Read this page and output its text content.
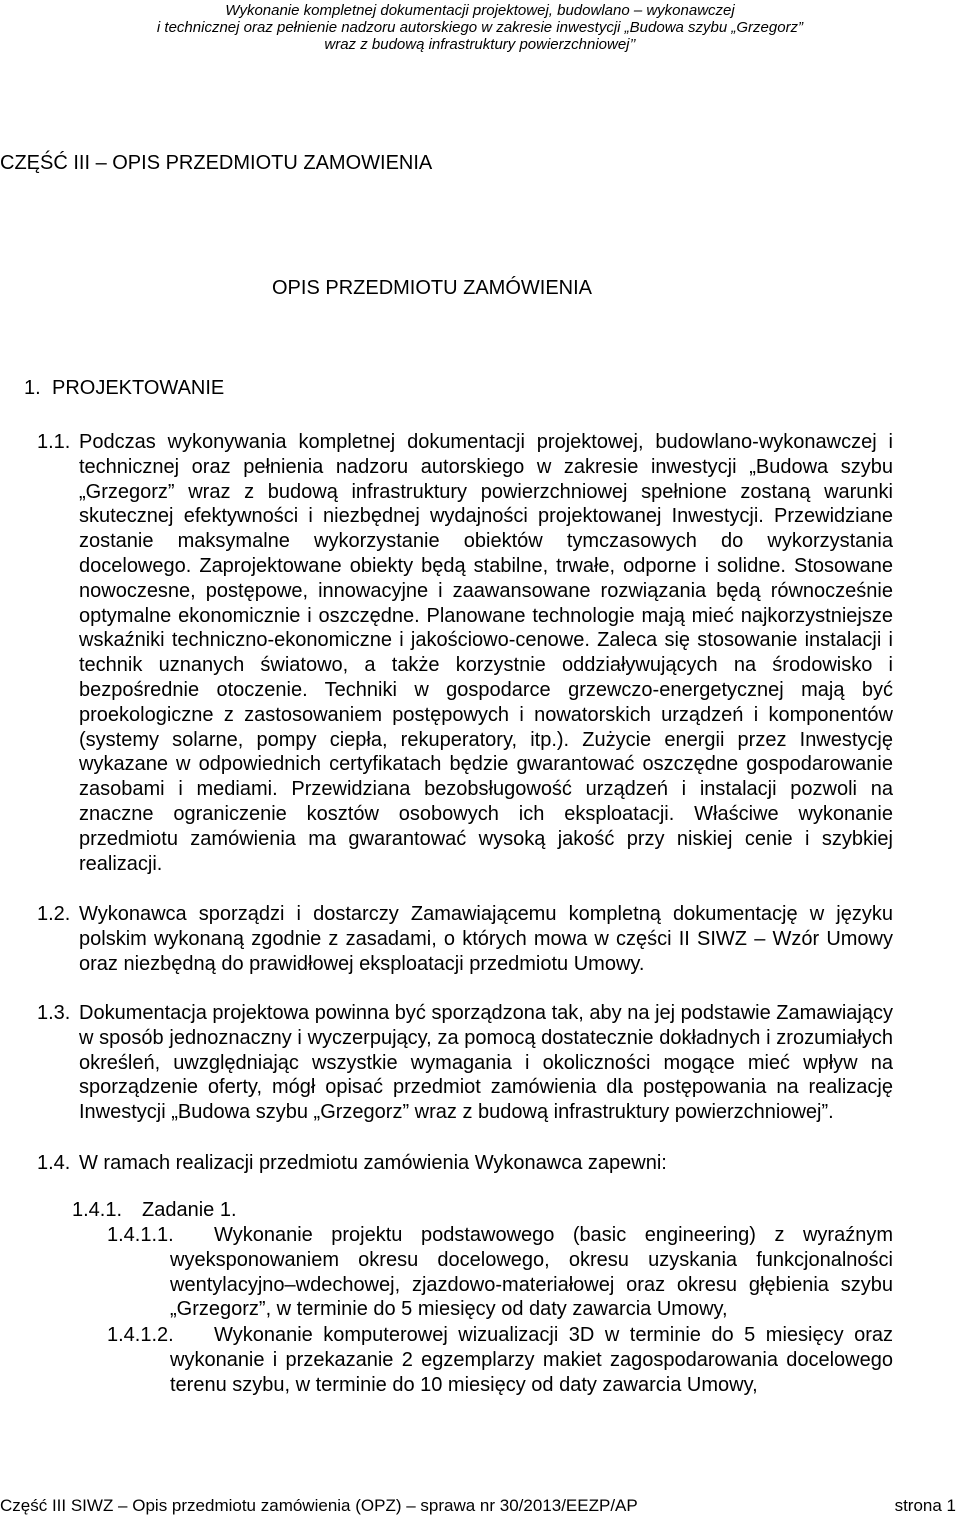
Wykonanie kompletnej dokumentacji projektowej, budowlano – wykonawczej
i technicznej oraz pełnienie nadzoru autorskiego w zakresie inwestycji „Budowa szybu „Grzegorz”
wraz z budową infrastruktury powierzchniowej’’
CZĘŚĆ III – OPIS PRZEDMIOTU ZAMOWIENIA
OPIS PRZEDMIOTU ZAMÓWIENIA
1. PROJEKTOWANIE
1.1. Podczas wykonywania kompletnej dokumentacji projektowej, budowlano-wykonawczej i technicznej oraz pełnienia nadzoru autorskiego w zakresie inwestycji „Budowa szybu „Grzegorz” wraz z budową infrastruktury powierzchniowej spełnione zostaną warunki skutecznej efektywności i niezbędnej wydajności projektowanej Inwestycji. Przewidziane zostanie maksymalne wykorzystanie obiektów tymczasowych do wykorzystania docelowego. Zaprojektowane obiekty będą stabilne, trwałe, odporne i solidne. Stosowane nowoczesne, postępowe, innowacyjne i zaawansowane rozwiązania będą równocześnie optymalne ekonomicznie i oszczędne. Planowane technologie mają mieć najkorzystniejsze wskaźniki techniczno-ekonomiczne i jakościowo-cenowe. Zaleca się stosowanie instalacji i technik uznanych światowo, a także korzystnie oddziaływujących na środowisko i bezpośrednie otoczenie. Techniki w gospodarce grzewczo-energetycznej mają być proekologiczne z zastosowaniem postępowych i nowatorskich urządzeń i komponentów (systemy solarne, pompy ciepła, rekuperatory, itp.). Zużycie energii przez Inwestycję wykazane w odpowiednich certyfikatach będzie gwarantować oszczędne gospodarowanie zasobami i mediami. Przewidziana bezobsługowość urządzeń i instalacji pozwoli na znaczne ograniczenie kosztów osobowych ich eksploatacji. Właściwe wykonanie przedmiotu zamówienia ma gwarantować wysoką jakość przy niskiej cenie i szybkiej realizacji.

1.2. Wykonawca sporządzi i dostarczy Zamawiającemu kompletną dokumentację w języku polskim wykonaną zgodnie z zasadami, o których mowa w części II SIWZ – Wzór Umowy oraz niezbędną do prawidłowej eksploatacji przedmiotu Umowy.

1.3. Dokumentacja projektowa powinna być sporządzona tak, aby na jej podstawie Zamawiający w sposób jednoznaczny i wyczerpujący, za pomocą dostatecznie dokładnych i zrozumiałych określeń, uwzględniając wszystkie wymagania i okoliczności mogące mieć wpływ na sporządzenie oferty, mógł opisać przedmiot zamówienia dla postępowania na realizację Inwestycji „Budowa szybu „Grzegorz” wraz z budową infrastruktury powierzchniowej”.

1.4. W ramach realizacji przedmiotu zamówienia Wykonawca zapewni:
1.4.1. Zadanie 1.
1.4.1.1.	Wykonanie projektu podstawowego (basic engineering) z wyraźnym wyeksponowaniem okresu docelowego, okresu uzyskania funkcjonalności wentylacyjno–wdechowej, zjazdowo-materiałowej oraz okresu głębienia szybu „Grzegorz”, w terminie do 5 miesięcy od daty zawarcia Umowy,

1.4.1.2.	Wykonanie komputerowej wizualizacji 3D w terminie do 5 miesięcy oraz wykonanie i przekazanie 2 egzemplarzy makiet zagospodarowania docelowego terenu szybu, w terminie do 10 miesięcy od daty zawarcia Umowy,

Część III SIWZ – Opis przedmiotu zamówienia (OPZ) – sprawa nr 30/2013/EEZP/AP	strona 1
